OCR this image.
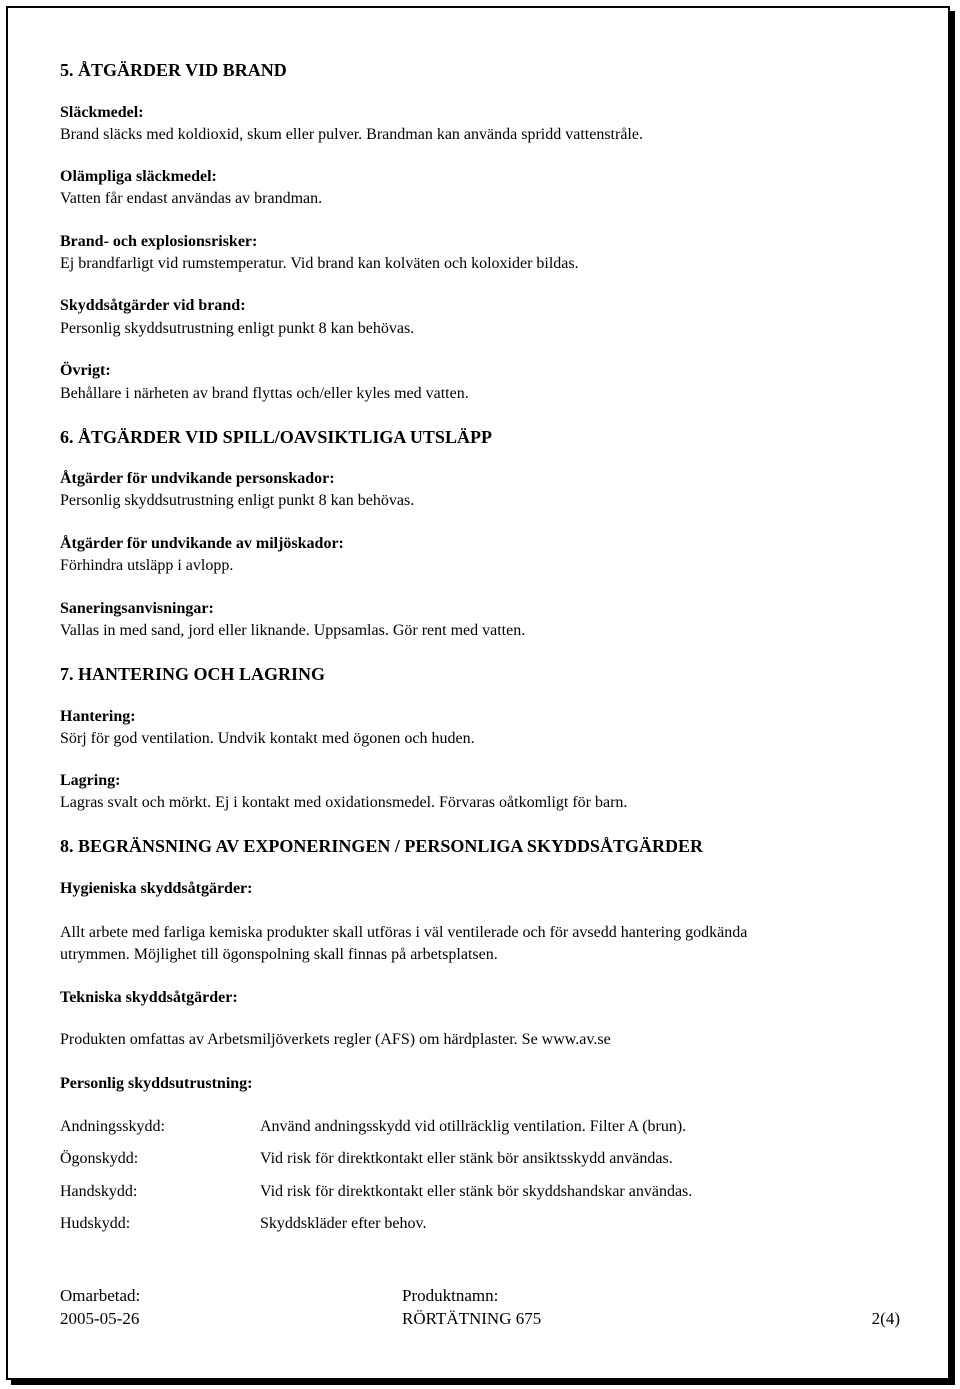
5. ÅTGÄRDER VID BRAND
Släckmedel:
Brand släcks med koldioxid, skum eller pulver. Brandman kan använda spridd vattenstråle.
Olämpliga släckmedel:
Vatten får endast användas av brandman.
Brand- och explosionsrisker:
Ej brandfarligt vid rumstemperatur. Vid brand kan kolväten och koloxider bildas.
Skyddsåtgärder vid brand:
Personlig skyddsutrustning enligt punkt 8 kan behövas.
Övrigt:
Behållare i närheten av brand flyttas och/eller kyles med vatten.
6. ÅTGÄRDER VID SPILL/OAVSIKTLIGA UTSLÄPP
Åtgärder för undvikande personskador:
Personlig skyddsutrustning enligt punkt 8 kan behövas.
Åtgärder för undvikande av miljöskador:
Förhindra utsläpp i avlopp.
Saneringsanvisningar:
Vallas in med sand, jord eller liknande. Uppsamlas. Gör rent med vatten.
7. HANTERING OCH LAGRING
Hantering:
Sörj för god ventilation. Undvik kontakt med ögonen och huden.
Lagring:
Lagras svalt och mörkt. Ej i kontakt med oxidationsmedel. Förvaras oåtkomligt för barn.
8. BEGRÄNSNING AV EXPONERINGEN / PERSONLIGA SKYDDSÅTGÄRDER
Hygieniska skyddsåtgärder:
Allt arbete med farliga kemiska produkter skall utföras i väl ventilerade och för avsedd hantering godkända
utrymmen. Möjlighet till ögonspolning skall finnas på arbetsplatsen.
Tekniska skyddsåtgärder:
Produkten omfattas av Arbetsmiljöverkets regler (AFS) om härdplaster. Se www.av.se
Personlig skyddsutrustning:
Andningsskydd:	Använd andningsskydd vid otillräcklig ventilation. Filter A (brun).
Ögonskydd:	Vid risk för direktkontakt eller stänk bör ansiktsskydd användas.
Handskydd:	Vid risk för direktkontakt eller stänk bör skyddshandskar användas.
Hudskydd:	Skyddskläder efter behov.
Omarbetad:
2005-05-26
Produktnamn:
RÖRTÄTNING 675	2(4)
